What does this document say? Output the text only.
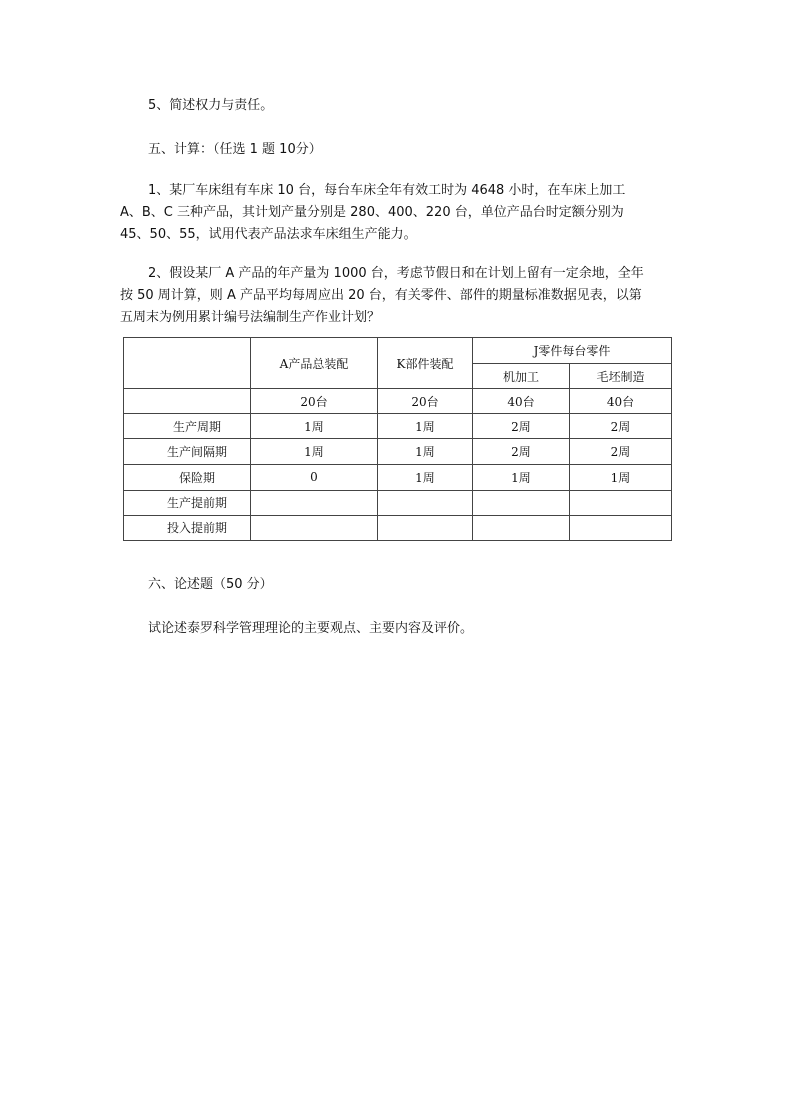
5、简述权力与责任。
五、计算：（任选 1 题 10分）
1、某厂车床组有车床 10 台，每台车床全年有效工时为 4648 小时，在车床上加工
A、B、C 三种产品，其计划产量分别是 280、400、220 台，单位产品台时定额分别为
45、50、55，试用代表产品法求车床组生产能力。
2、假设某厂 A 产品的年产量为 1000 台，考虑节假日和在计划上留有一定余地，全年
按 50 周计算，则 A 产品平均每周应出 20 台，有关零件、部件的期量标准数据见表，以第
五周末为例用累计编号法编制生产作业计划？
	A产品总装配	K部件装配	J零件每台零件	
			机加工	毛坯制造
	20台	20台	40台	40台
生产周期	1周	1周	2周	2周
生产间隔期	1周	1周	2周	2周
保险期	0	1周	1周	1周
生产提前期				
投入提前期				
六、论述题（50 分）
试论述泰罗科学管理理论的主要观点、主要内容及评价。
